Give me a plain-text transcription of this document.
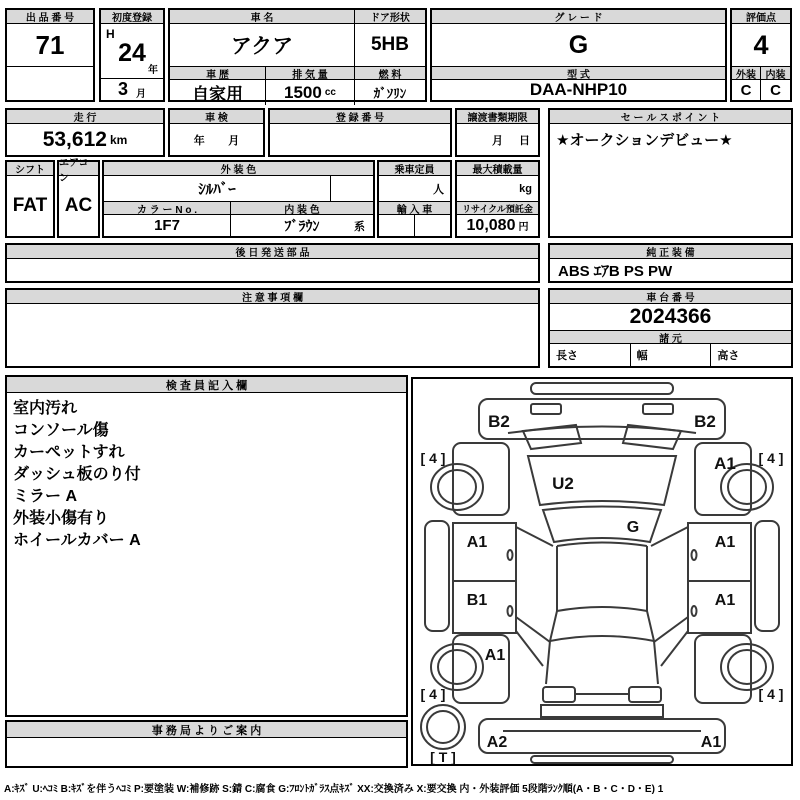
出 品 番 号
71
初度登録
H
24
年
3 月
車 名	ドア形状
アクア	5HB
車 歴	排 気 量	燃 料
自家用	1500 cc	ｶﾞｿﾘﾝ
グ レ ー ド
G
型 式
DAA-NHP10
評価点
4
外装 内装
C	C
走 行
53,612 km
車 検
年 月
登 録 番 号	譲渡書類期限
月 日
セ ー ル ス ポ イ ン ト
★オークションデビュー★
シフト
FAT
エアコン
AC
外 装 色
ｼﾙﾊﾞｰ
カ ラ ー N o .	内 装 色
1F7	ﾌﾞﾗｳﾝ	系
乗車定員
人
輸 入 車
最大積載量
kg
リサイクル預託金
10,080 円
後 日 発 送 部 品	純 正 装 備
ABS ｴｱB PS PW
注 意 事 項 欄	車 台 番 号
2024366
諸 元
長さ	幅	高さ
検 査 員 記 入 欄
室内汚れ
コンソール傷
カーペットすれ
ダッシュ板のり付
ミラー A
外装小傷有り
ホイールカバー A
事 務 局 よ り ご 案 内
B2	B2
U2
G
A1
A1	A1
B1	A1
A1
A2	A1
[ 4 ]	[ 4 ]
[ 4 ]	[ 4 ]
[ T ]
A:ｷｽﾞ U:ﾍｺﾐ B:ｷｽﾞを伴うﾍｺﾐ P:要塗装 W:補修跡 S:錆 C:腐食 G:ﾌﾛﾝﾄｶﾞﾗｽ点ｷｽﾞ XX:交換済み X:要交換 内・外装評価 5段階ﾗﾝｸ順(A・B・C・D・E) 1
